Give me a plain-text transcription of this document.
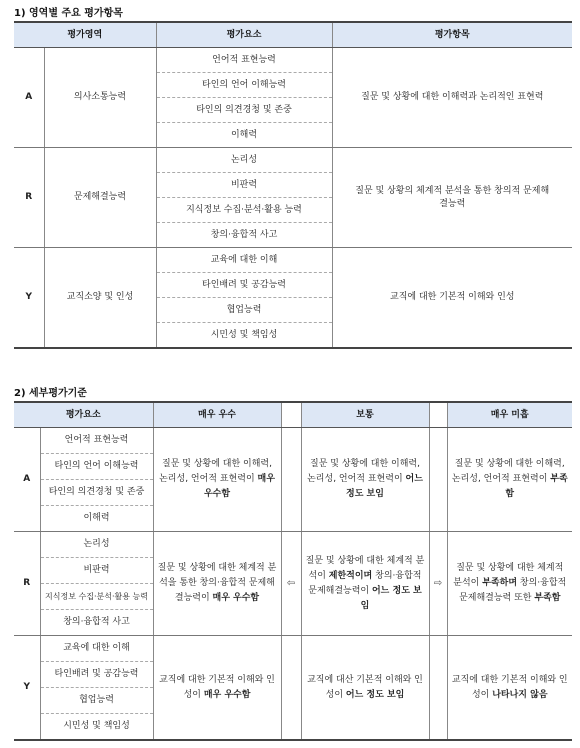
1) 영역별 주요 평가항목
평가영역		평가요소	평가항목
A	의사소통능력	언어적 표현능력	질문 및 상황에 대한 이해력과 논리적인 표현력
		타인의 언어 이해능력	
		타인의 의견경청 및 존중	
		이해력	
R	문제해결능력	논리성	질문 및 상황의 체계적 분석을 통한 창의적 문제해결능력
		비판력	
		지식정보 수집·분석·활용 능력	
		창의·융합적 사고	
Y	교직소양 및 인성	교육에 대한 이해	교직에 대한 기본적 이해와 인성
		타인배려 및 공감능력	
		협업능력	
		시민성 및 책임성	
2) 세부평가기준
평가요소		매우 우수		보통		매우 미흡
A	언어적 표현능력	질문 및 상황에 대한 이해력, 논리성, 언어적 표현력이 매우 우수함		질문 및 상황에 대한 이해력, 논리성, 언어적 표현력이 어느 정도 보임		질문 및 상황에 대한 이해력, 논리성, 언어적 표현력이 부족함
	타인의 언어 이해능력					
	타인의 의견경청 및 존중					
	이해력					
R	논리성	질문 및 상황에 대한 체계적 분석을 통한 창의·융합적 문제해결능력이 매우 우수함	⇦	질문 및 상황에 대한 체계적 분석이 제한적이며 창의·융합적 문제해결능력이 어느 정도 보임	⇨	질문 및 상황에 대한 체계적 분석이 부족하며 창의·융합적 문제해결능력 또한 부족함
	비판력					
	지식정보 수집·분석·활용 능력					
	창의·융합적 사고					
Y	교육에 대한 이해	교직에 대한 기본적 이해와 인성이 매우 우수함		교직에 대산 기본적 이해와 인성이 어느 정도 보임		교직에 대한 기본적 이해와 인성이 나타나지 않음
	타인배려 및 공감능력					
	협업능력					
	시민성 및 책임성					
